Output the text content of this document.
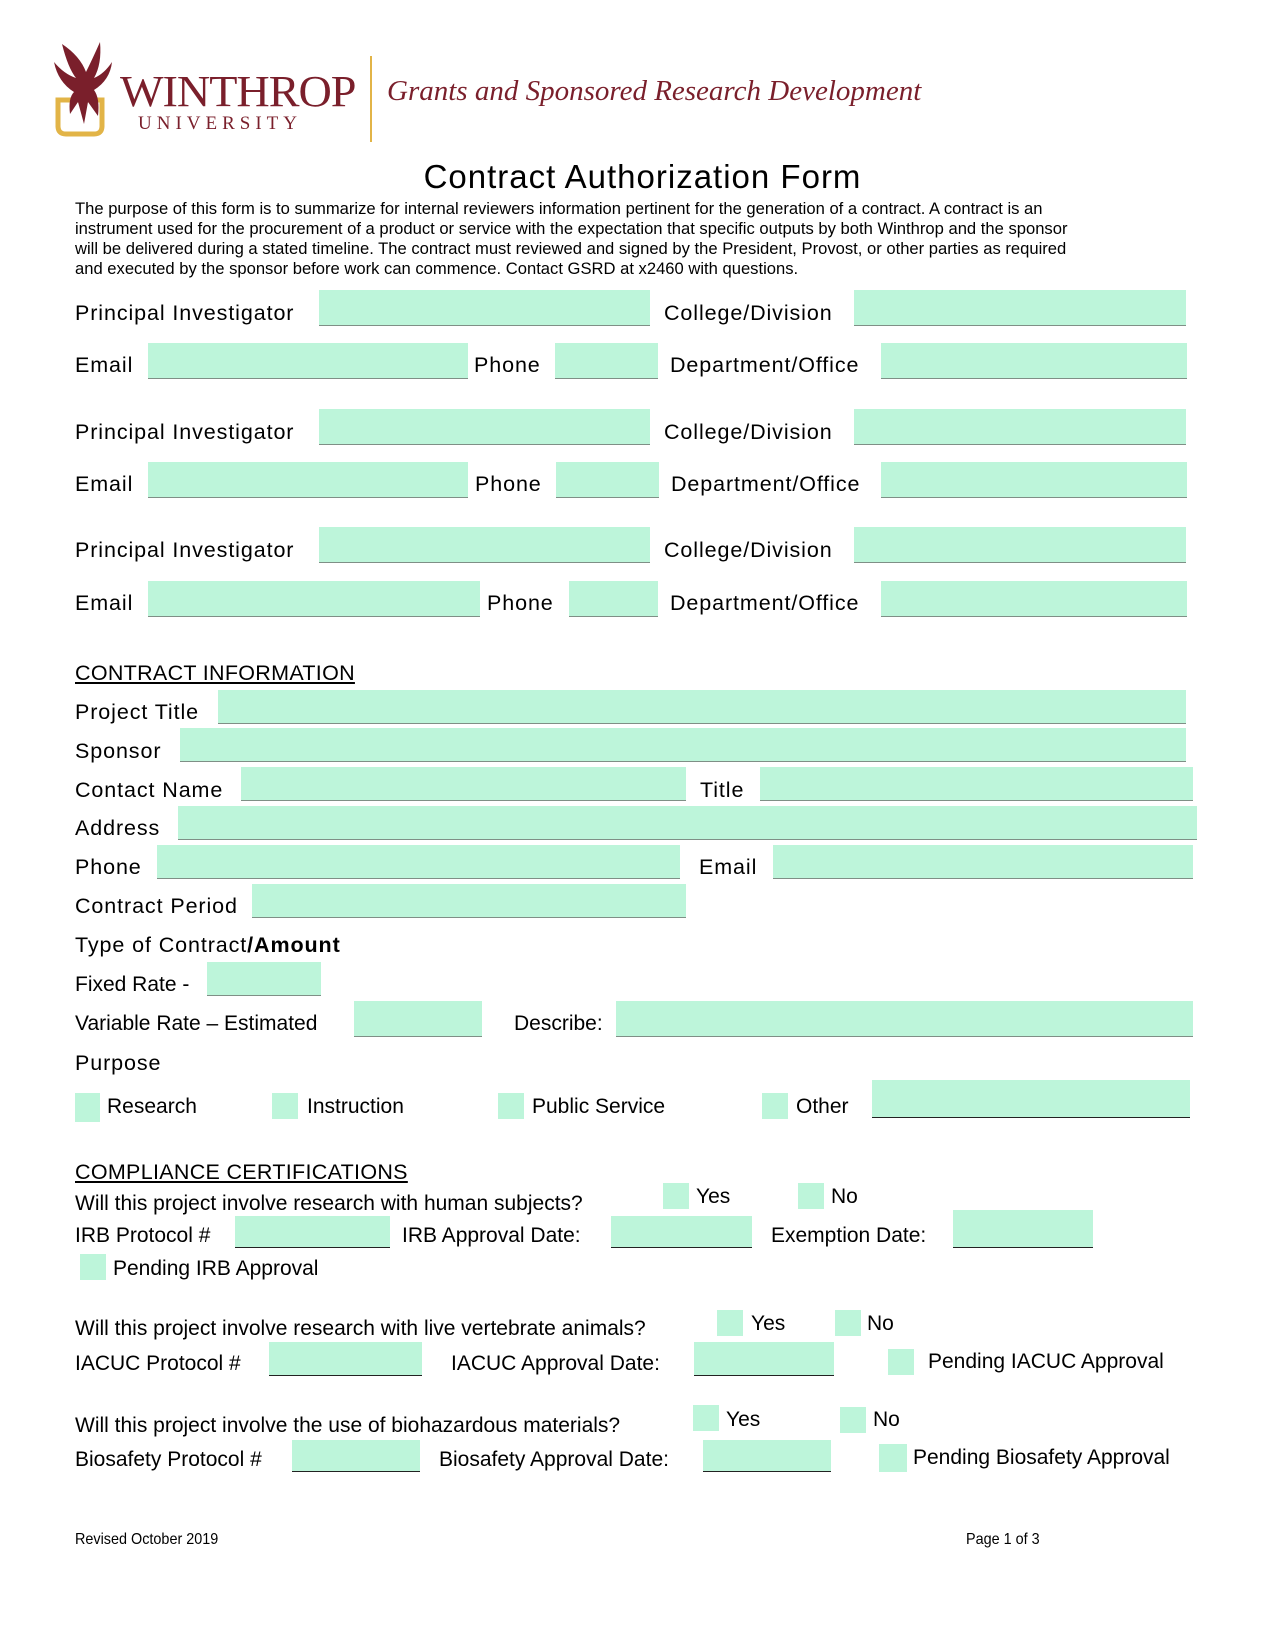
WINTHROP
UNIVERSITY
Grants and Sponsored Research Development
Contract Authorization Form
The purpose of this form is to summarize for internal reviewers information pertinent for the generation of a contract. A contract is an
instrument used for the procurement of a product or service with the expectation that specific outputs by both Winthrop and the sponsor
will be delivered during a stated timeline. The contract must reviewed and signed by the President, Provost, or other parties as required
and executed by the sponsor before work can commence. Contact GSRD at x2460 with questions.
Principal Investigator	College/Division
Email	Phone	Department/Office
Principal Investigator	College/Division
Email	Phone	Department/Office
Principal Investigator	College/Division
Email	Phone	Department/Office
CONTRACT INFORMATION
Project Title
Sponsor
Contact Name	Title
Address
Phone	Email
Contract Period
Type of Contract/Amount
Fixed Rate -
Variable Rate – Estimated	Describe:
Purpose
Research	Instruction	Public Service	Other
COMPLIANCE CERTIFICATIONS
Will this project involve research with human subjects?	Yes	No
IRB Protocol #	IRB Approval Date:	Exemption Date:
Pending IRB Approval
Will this project involve research with live vertebrate animals?	Yes	No
IACUC Protocol #	IACUC Approval Date:	Pending IACUC Approval
Will this project involve the use of biohazardous materials?	Yes	No
Biosafety Protocol #	Biosafety Approval Date:	Pending Biosafety Approval
Revised October 2019	Page 1 of 3
